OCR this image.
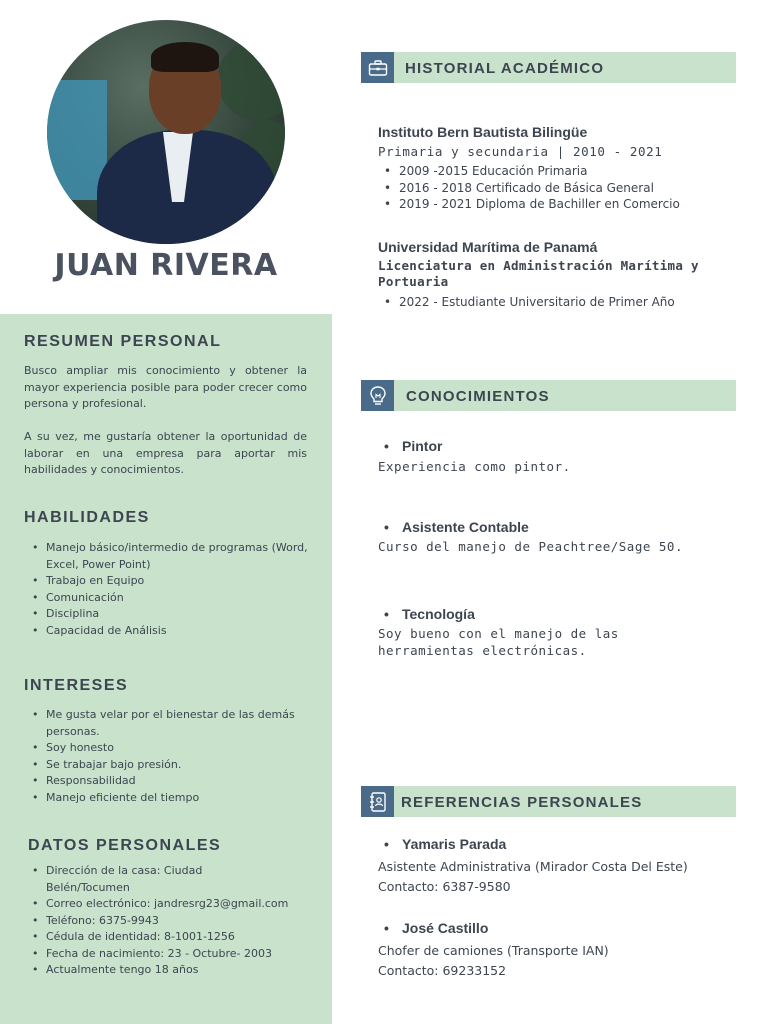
JUAN RIVERA
RESUMEN PERSONAL

Busco ampliar mis conocimiento y obtener la mayor experiencia posible para poder crecer como persona y profesional.

A su vez, me gustaría obtener la oportunidad de laborar en una empresa para aportar mis habilidades y conocimientos.

HABILIDADES
• Manejo básico/intermedio de programas (Word, Excel, Power Point)
• Trabajo en Equipo
• Comunicación
• Disciplina
• Capacidad de Análisis
INTERESES
• Me gusta velar por el bienestar de las demás personas.
• Soy honesto
• Se trabajar bajo presión.
• Responsabilidad
• Manejo eficiente del tiempo
DATOS PERSONALES
• Dirección de la casa: Ciudad Belén/Tocumen
• Correo electrónico: jandresrg23@gmail.com
• Teléfono: 6375-9943
• Cédula de identidad: 8-1001-1256
• Fecha de nacimiento: 23 - Octubre- 2003
• Actualmente tengo 18 años
HISTORIAL ACADÉMICO
Instituto Bern Bautista Bilingüe
Primaria y secundaria | 2010 - 2021
• 2009 -2015 Educación Primaria
• 2016 - 2018 Certificado de Básica General
• 2019 - 2021 Diploma de Bachiller en Comercio
Universidad Marítima de Panamá
Licenciatura en Administración Marítima y Portuaria
• 2022 - Estudiante Universitario de Primer Año
CONOCIMIENTOS
• Pintor
Experiencia como pintor.
• Asistente Contable
Curso del manejo de Peachtree/Sage 50.
• Tecnología
Soy bueno con el manejo de las herramientas electrónicas.
REFERENCIAS PERSONALES
• Yamaris Parada
Asistente Administrativa (Mirador Costa Del Este)
Contacto: 6387-9580
• José Castillo
Chofer de camiones (Transporte IAN)
Contacto: 69233152
